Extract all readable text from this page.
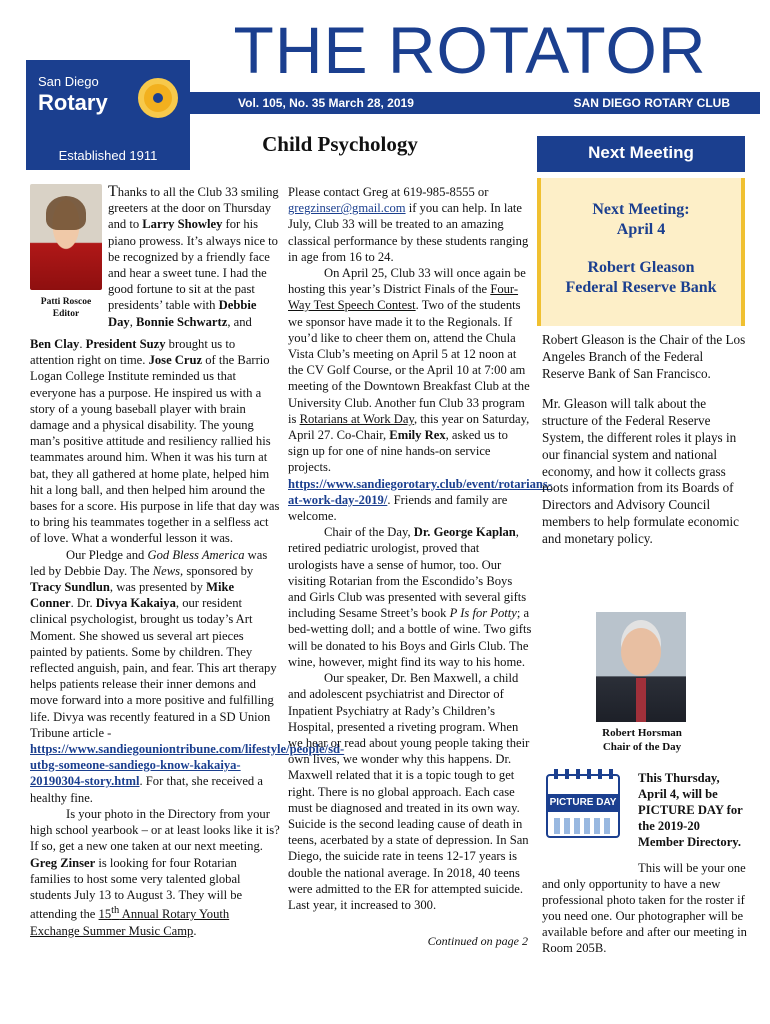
San Diego
Rotary
Established 1911
THE ROTATOR
Vol. 105, No. 35 March 28, 2019	SAN DIEGO ROTARY CLUB
Child Psychology	Next Meeting
Next Meeting:
April 4
Robert Gleason
Federal Reserve Bank
Patti Roscoe
Editor

Thanks to all the Club 33 smiling greeters at the door on Thursday and to Larry Showley for his piano prowess. It’s always nice to be recognized by a friendly face and hear a sweet tune. I had the good fortune to sit at the past presidents’ table with Debbie Day, Bonnie Schwartz, and

Ben Clay. President Suzy brought us to attention right on time. Jose Cruz of the Barrio Logan College Institute reminded us that everyone has a purpose. He inspired us with a story of a young baseball player with brain damage and a physical disability. The young man’s positive attitude and resiliency rallied his teammates around him. When it was his turn at bat, they all gathered at home plate, helped him hit a long ball, and then helped him around the bases for a score. His purpose in life that day was to bring his teammates together in a selfless act of love. What a wonderful lesson it was.

Our Pledge and God Bless America was led by Debbie Day. The News, sponsored by Tracy Sundlun, was presented by Mike Conner. Dr. Divya Kakaiya, our resident clinical psychologist, brought us today’s Art Moment. She showed us several art pieces painted by patients. Some by children. They reflected anguish, pain, and fear. This art therapy helps patients release their inner demons and move forward into a more positive and fulfilling life. Divya was recently featured in a SD Union Tribune article - https://www.sandiegouniontribune.com/lifestyle/people/sd-utbg-someone-sandiego-know-kakaiya-20190304-story.html. For that, she received a healthy fine.

Is your photo in the Directory from your high school yearbook – or at least looks like it is? If so, get a new one taken at our next meeting. Greg Zinser is looking for four Rotarian families to host some very talented global students July 13 to August 3. They will be attending the 15th Annual Rotary Youth Exchange Summer Music Camp.

Please contact Greg at 619-985-8555 or gregzinser@gmail.com if you can help. In late July, Club 33 will be treated to an amazing classical performance by these students ranging in age from 16 to 24.

On April 25, Club 33 will once again be hosting this year’s District Finals of the Four-Way Test Speech Contest. Two of the students we sponsor have made it to the Regionals. If you’d like to cheer them on, attend the Chula Vista Club’s meeting on April 5 at 12 noon at the CV Golf Course, or the April 10 at 7:00 am meeting of the Downtown Breakfast Club at the University Club. Another fun Club 33 program is Rotarians at Work Day, this year on Saturday, April 27. Co-Chair, Emily Rex, asked us to sign up for one of nine hands-on service projects. https://www.sandiegorotary.club/event/rotarians-at-work-day-2019/. Friends and family are welcome.

Chair of the Day, Dr. George Kaplan, retired pediatric urologist, proved that urologists have a sense of humor, too. Our visiting Rotarian from the Escondido’s Boys and Girls Club was presented with several gifts including Sesame Street’s book P Is for Potty; a bed-wetting doll; and a bottle of wine. Two gifts will be donated to his Boys and Girls Club. The wine, however, might find its way to his home.

Our speaker, Dr. Ben Maxwell, a child and adolescent psychiatrist and Director of Inpatient Psychiatry at Rady’s Children’s Hospital, presented a riveting program. When we hear or read about young people taking their own lives, we wonder why this happens. Dr. Maxwell related that it is a topic tough to get right. There is no global approach. Each case must be diagnosed and treated in its own way. Suicide is the second leading cause of death in teens, acerbated by a state of depression. In San Diego, the suicide rate in teens 12-17 years is double the national average. In 2018, 40 teens were admitted to the ER for attempted suicide. Last year, it increased to 300.

Continued on page 2

Robert Gleason is the Chair of the Los Angeles Branch of the Federal Reserve Bank of San Francisco.

Mr. Gleason will talk about the structure of the Federal Reserve System, the different roles it plays in our financial system and national economy, and how it collects grass roots information from its Boards of Directors and Advisory Council members to help formulate economic and monetary policy.

Robert Horsman
Chair of the Day
PICTURE DAY
This Thursday, April 4, will be PICTURE DAY for the 2019-20 Member Directory.

This will be your one and only opportunity to have a new professional photo taken for the roster if you need one. Our photographer will be available before and after our meeting in Room 205B.
